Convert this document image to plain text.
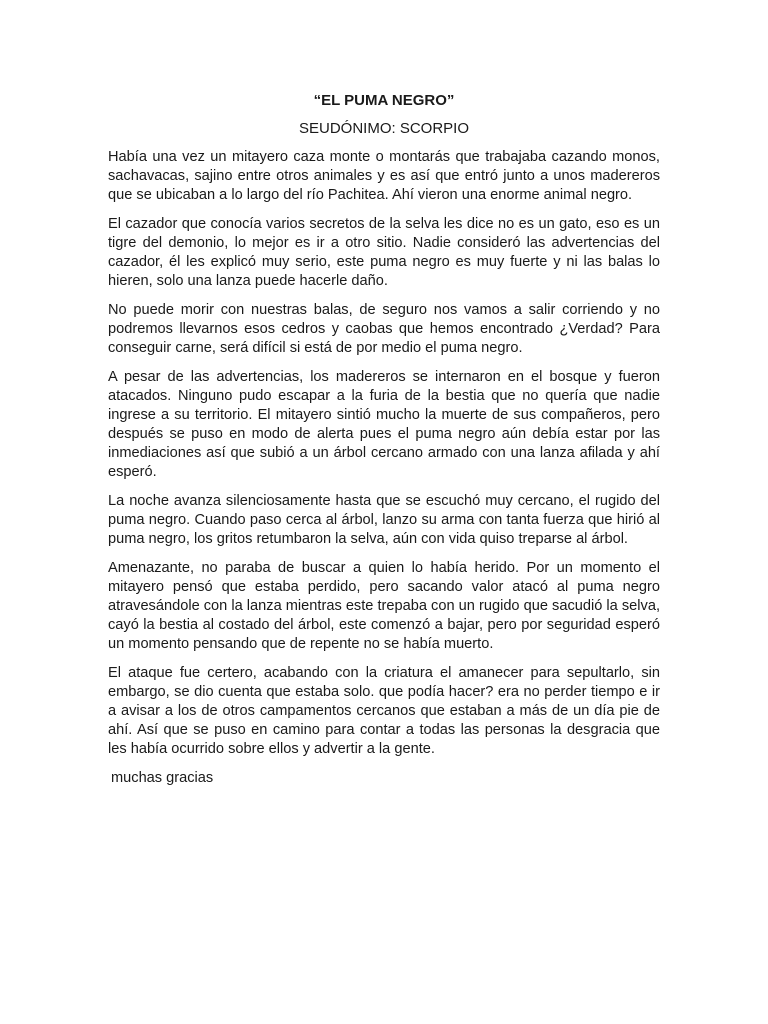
“EL PUMA NEGRO”

SEUDÓNIMO: SCORPIO

Había una vez un mitayero caza monte o montarás que trabajaba cazando monos, sachavacas, sajino entre otros animales y es así que entró junto a unos madereros que se ubicaban a lo largo del río Pachitea. Ahí vieron una enorme animal negro.

El cazador que conocía varios secretos de la selva les dice no es un gato, eso es un tigre del demonio, lo mejor es ir a otro sitio. Nadie consideró las advertencias del cazador, él les explicó muy serio, este puma negro es muy fuerte y ni las balas lo hieren, solo una lanza puede hacerle daño.

No puede morir con nuestras balas, de seguro nos vamos a salir corriendo y no podremos llevarnos esos cedros y caobas que hemos encontrado ¿Verdad? Para conseguir carne, será difícil si está de por medio el puma negro.

A pesar de las advertencias, los madereros se internaron en el bosque y fueron atacados. Ninguno pudo escapar a la furia de la bestia que no quería que nadie ingrese a su territorio. El mitayero sintió mucho la muerte de sus compañeros, pero después se puso en modo de alerta pues el puma negro aún debía estar por las inmediaciones así que subió a un árbol cercano armado con una lanza afilada y ahí esperó.

La noche avanza silenciosamente hasta que se escuchó muy cercano, el rugido del puma negro. Cuando paso cerca al árbol, lanzo su arma con tanta fuerza que hirió al puma negro, los gritos retumbaron la selva, aún con vida quiso treparse al árbol.

Amenazante, no paraba de buscar a quien lo había herido. Por un momento el mitayero pensó que estaba perdido, pero sacando valor atacó al puma negro atravesándole con la lanza mientras este trepaba con un rugido que sacudió la selva, cayó la bestia al costado del árbol, este comenzó a bajar, pero por seguridad esperó un momento pensando que de repente no se había muerto.

El ataque fue certero, acabando con la criatura el amanecer para sepultarlo, sin embargo, se dio cuenta que estaba solo. que podía hacer? era no perder tiempo e ir a avisar a los de otros campamentos cercanos que estaban a más de un día pie de ahí. Así que se puso en camino para contar a todas las personas la desgracia que les había ocurrido sobre ellos y advertir a la gente.

muchas gracias
